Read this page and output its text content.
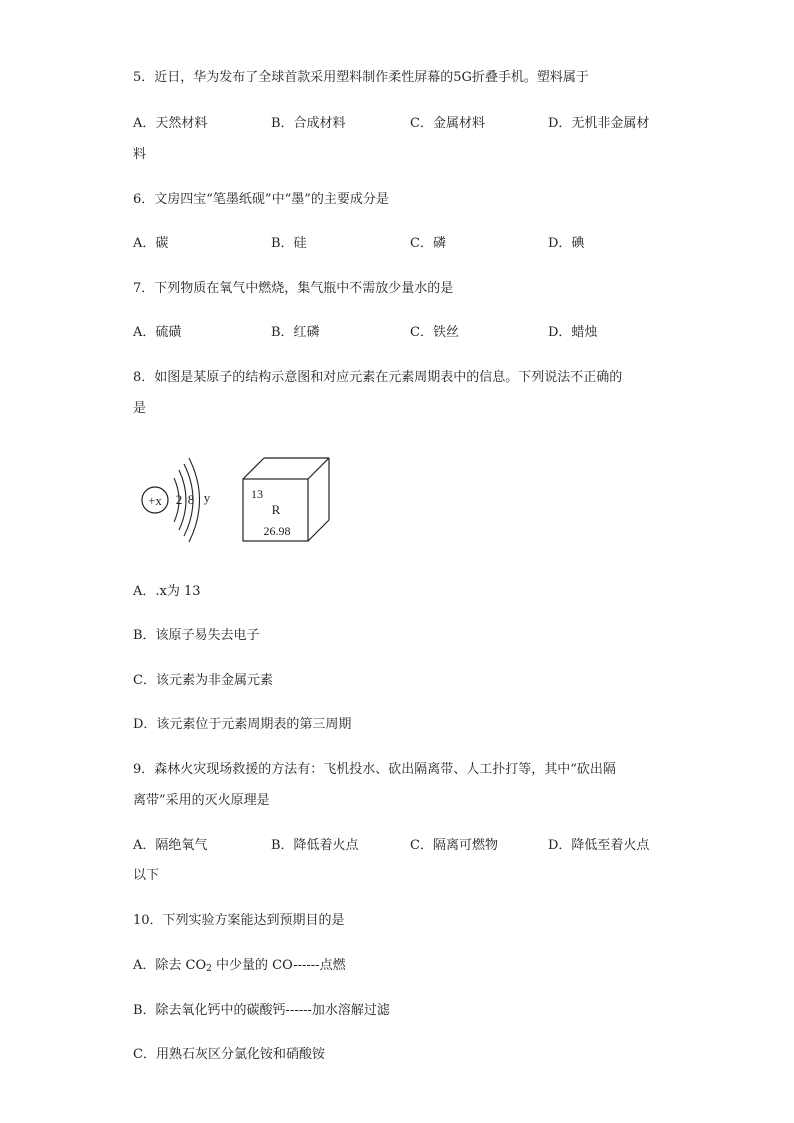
5．近日，华为发布了全球首款采用塑料制作柔性屏幕的5G折叠手机。塑料属于
A．天然材料	B．合成材料	C．金属材料	D．无机非金属材
料
6．文房四宝“笔墨纸砚”中“墨”的主要成分是
A．碳	B．硅	C．磷	D．碘
7．下列物质在氧气中燃烧，集气瓶中不需放少量水的是
A．硫磺	B．红磷	C．铁丝	D．蜡烛
8．如图是某原子的结构示意图和对应元素在元素周期表中的信息。下列说法不正确的
是
+x 2 8 y	13
R
26.98
A．.x为 13
B．该原子易失去电子
C．该元素为非金属元素
D．该元素位于元素周期表的第三周期
9．森林火灾现场救援的方法有：飞机投水、砍出隔离带、人工扑打等，其中“砍出隔
离带”采用的灭火原理是
A．隔绝氧气	B．降低着火点	C．隔离可燃物	D．降低至着火点
以下
10．下列实验方案能达到预期目的是
A．除去 $CO_2$ 中少量的 CO------点燃
B．除去氧化钙中的碳酸钙------加水溶解过滤
C．用熟石灰区分氯化铵和硝酸铵
